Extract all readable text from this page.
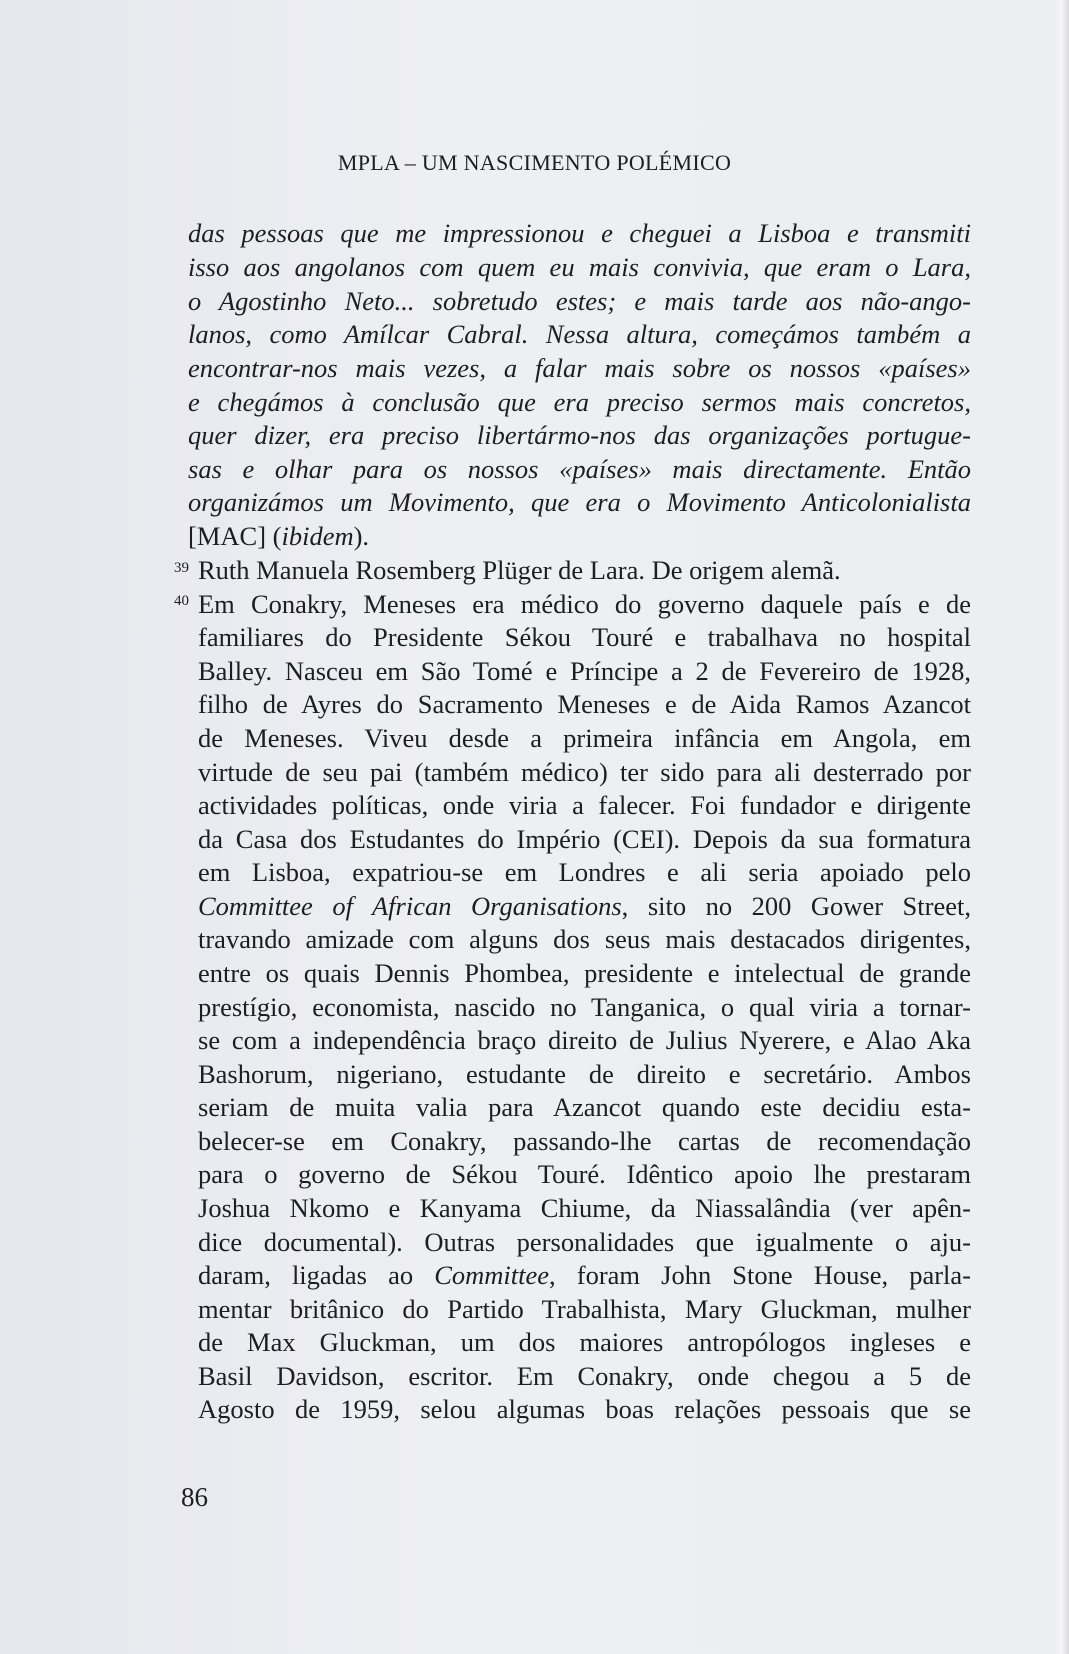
MPLA – UM NASCIMENTO POLÉMICO
das pessoas que me impressionou e cheguei a Lisboa e transmiti
isso aos angolanos com quem eu mais convivia, que eram o Lara,
o Agostinho Neto... sobretudo estes; e mais tarde aos não-ango-
lanos, como Amílcar Cabral. Nessa altura, começámos também a
encontrar-nos mais vezes, a falar mais sobre os nossos «países»
e chegámos à conclusão que era preciso sermos mais concretos,
quer dizer, era preciso libertármo-nos das organizações portugue-
sas e olhar para os nossos «países» mais directamente. Então
organizámos um Movimento, que era o Movimento Anticolonialista
[MAC] (ibidem).
39 Ruth Manuela Rosemberg Plüger de Lara. De origem alemã.
40 Em Conakry, Meneses era médico do governo daquele país e de
familiares do Presidente Sékou Touré e trabalhava no hospital
Balley. Nasceu em São Tomé e Príncipe a 2 de Fevereiro de 1928,
filho de Ayres do Sacramento Meneses e de Aida Ramos Azancot
de Meneses. Viveu desde a primeira infância em Angola, em
virtude de seu pai (também médico) ter sido para ali desterrado por
actividades políticas, onde viria a falecer. Foi fundador e dirigente
da Casa dos Estudantes do Império (CEI). Depois da sua formatura
em Lisboa, expatriou-se em Londres e ali seria apoiado pelo
Committee of African Organisations, sito no 200 Gower Street,
travando amizade com alguns dos seus mais destacados dirigentes,
entre os quais Dennis Phombea, presidente e intelectual de grande
prestígio, economista, nascido no Tanganica, o qual viria a tornar-
se com a independência braço direito de Julius Nyerere, e Alao Aka
Bashorum, nigeriano, estudante de direito e secretário. Ambos
seriam de muita valia para Azancot quando este decidiu esta-
belecer-se em Conakry, passando-lhe cartas de recomendação
para o governo de Sékou Touré. Idêntico apoio lhe prestaram
Joshua Nkomo e Kanyama Chiume, da Niassalândia (ver apên-
dice documental). Outras personalidades que igualmente o aju-
daram, ligadas ao Committee, foram John Stone House, parla-
mentar britânico do Partido Trabalhista, Mary Gluckman, mulher
de Max Gluckman, um dos maiores antropólogos ingleses e
Basil Davidson, escritor. Em Conakry, onde chegou a 5 de
Agosto de 1959, selou algumas boas relações pessoais que se
86
